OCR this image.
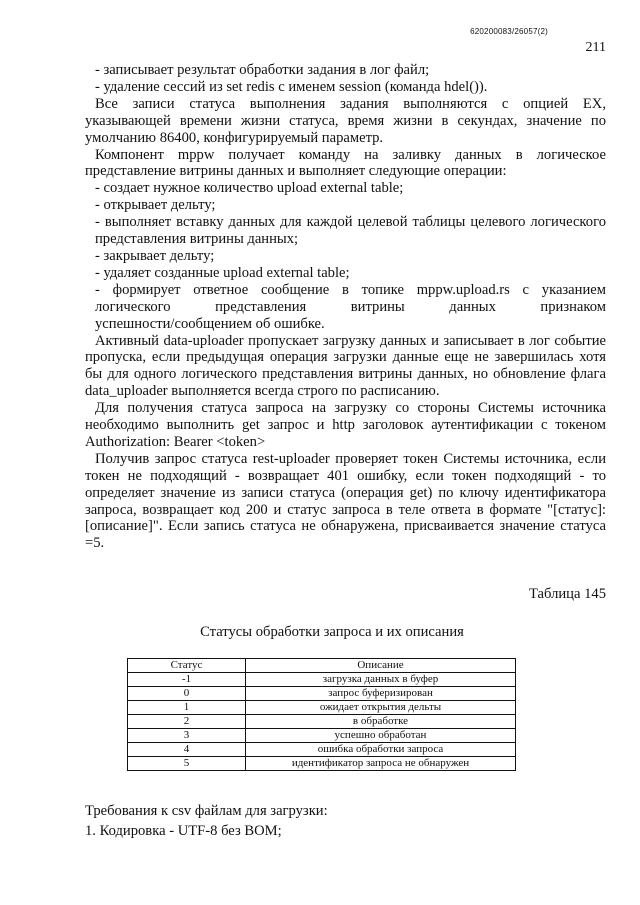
620200083/26057(2)
211

- записывает результат обработки задания в лог файл;

- удаление сессий из set redis с именем session (команда hdel()).

Все записи статуса выполнения задания выполняются с опцией EX, указывающей времени жизни статуса, время жизни в секундах, значение по умолчанию 86400, конфигурируемый параметр.

Компонент mppw получает команду на заливку данных в логическое представление витрины данных и выполняет следующие операции:

- создает нужное количество upload external table;

- открывает дельту;

- выполняет вставку данных для каждой целевой таблицы целевого логического представления витрины данных;

- закрывает дельту;

- удаляет созданные upload external table;

- формирует ответное сообщение в топике mppw.upload.rs с указанием логического представления витрины данных признаком

успешности/сообщением об ошибке.

Активный data-uploader пропускает загрузку данных и записывает в лог событие пропуска, если предыдущая операция загрузки данные еще не завершилась хотя бы для одного логического представления витрины данных, но обновление флага data_uploader выполняется всегда строго по расписанию.

Для получения статуса запроса на загрузку со стороны Системы источника необходимо выполнить get запрос и http заголовок аутентификации с токеном Authorization: Bearer <token>

Получив запрос статуса rest-uploader проверяет токен Системы источника, если токен не подходящий - возвращает 401 ошибку, если токен подходящий - то определяет значение из записи статуса (операция get) по ключу идентификатора запроса, возвращает код 200 и статус запроса в теле ответа в формате "[статус]:[описание]". Если запись статуса не обнаружена, присваивается значение статуса =5.

Таблица 145
Статусы обработки запроса и их описания
Статус	Описание
-1	загрузка данных в буфер
0	запрос буферизирован
1	ожидает открытия дельты
2	в обработке
3	успешно обработан
4	ошибка обработки запроса
5	идентификатор запроса не обнаружен
Требования к csv файлам для загрузки:
1. Кодировка - UTF-8 без BOM;
